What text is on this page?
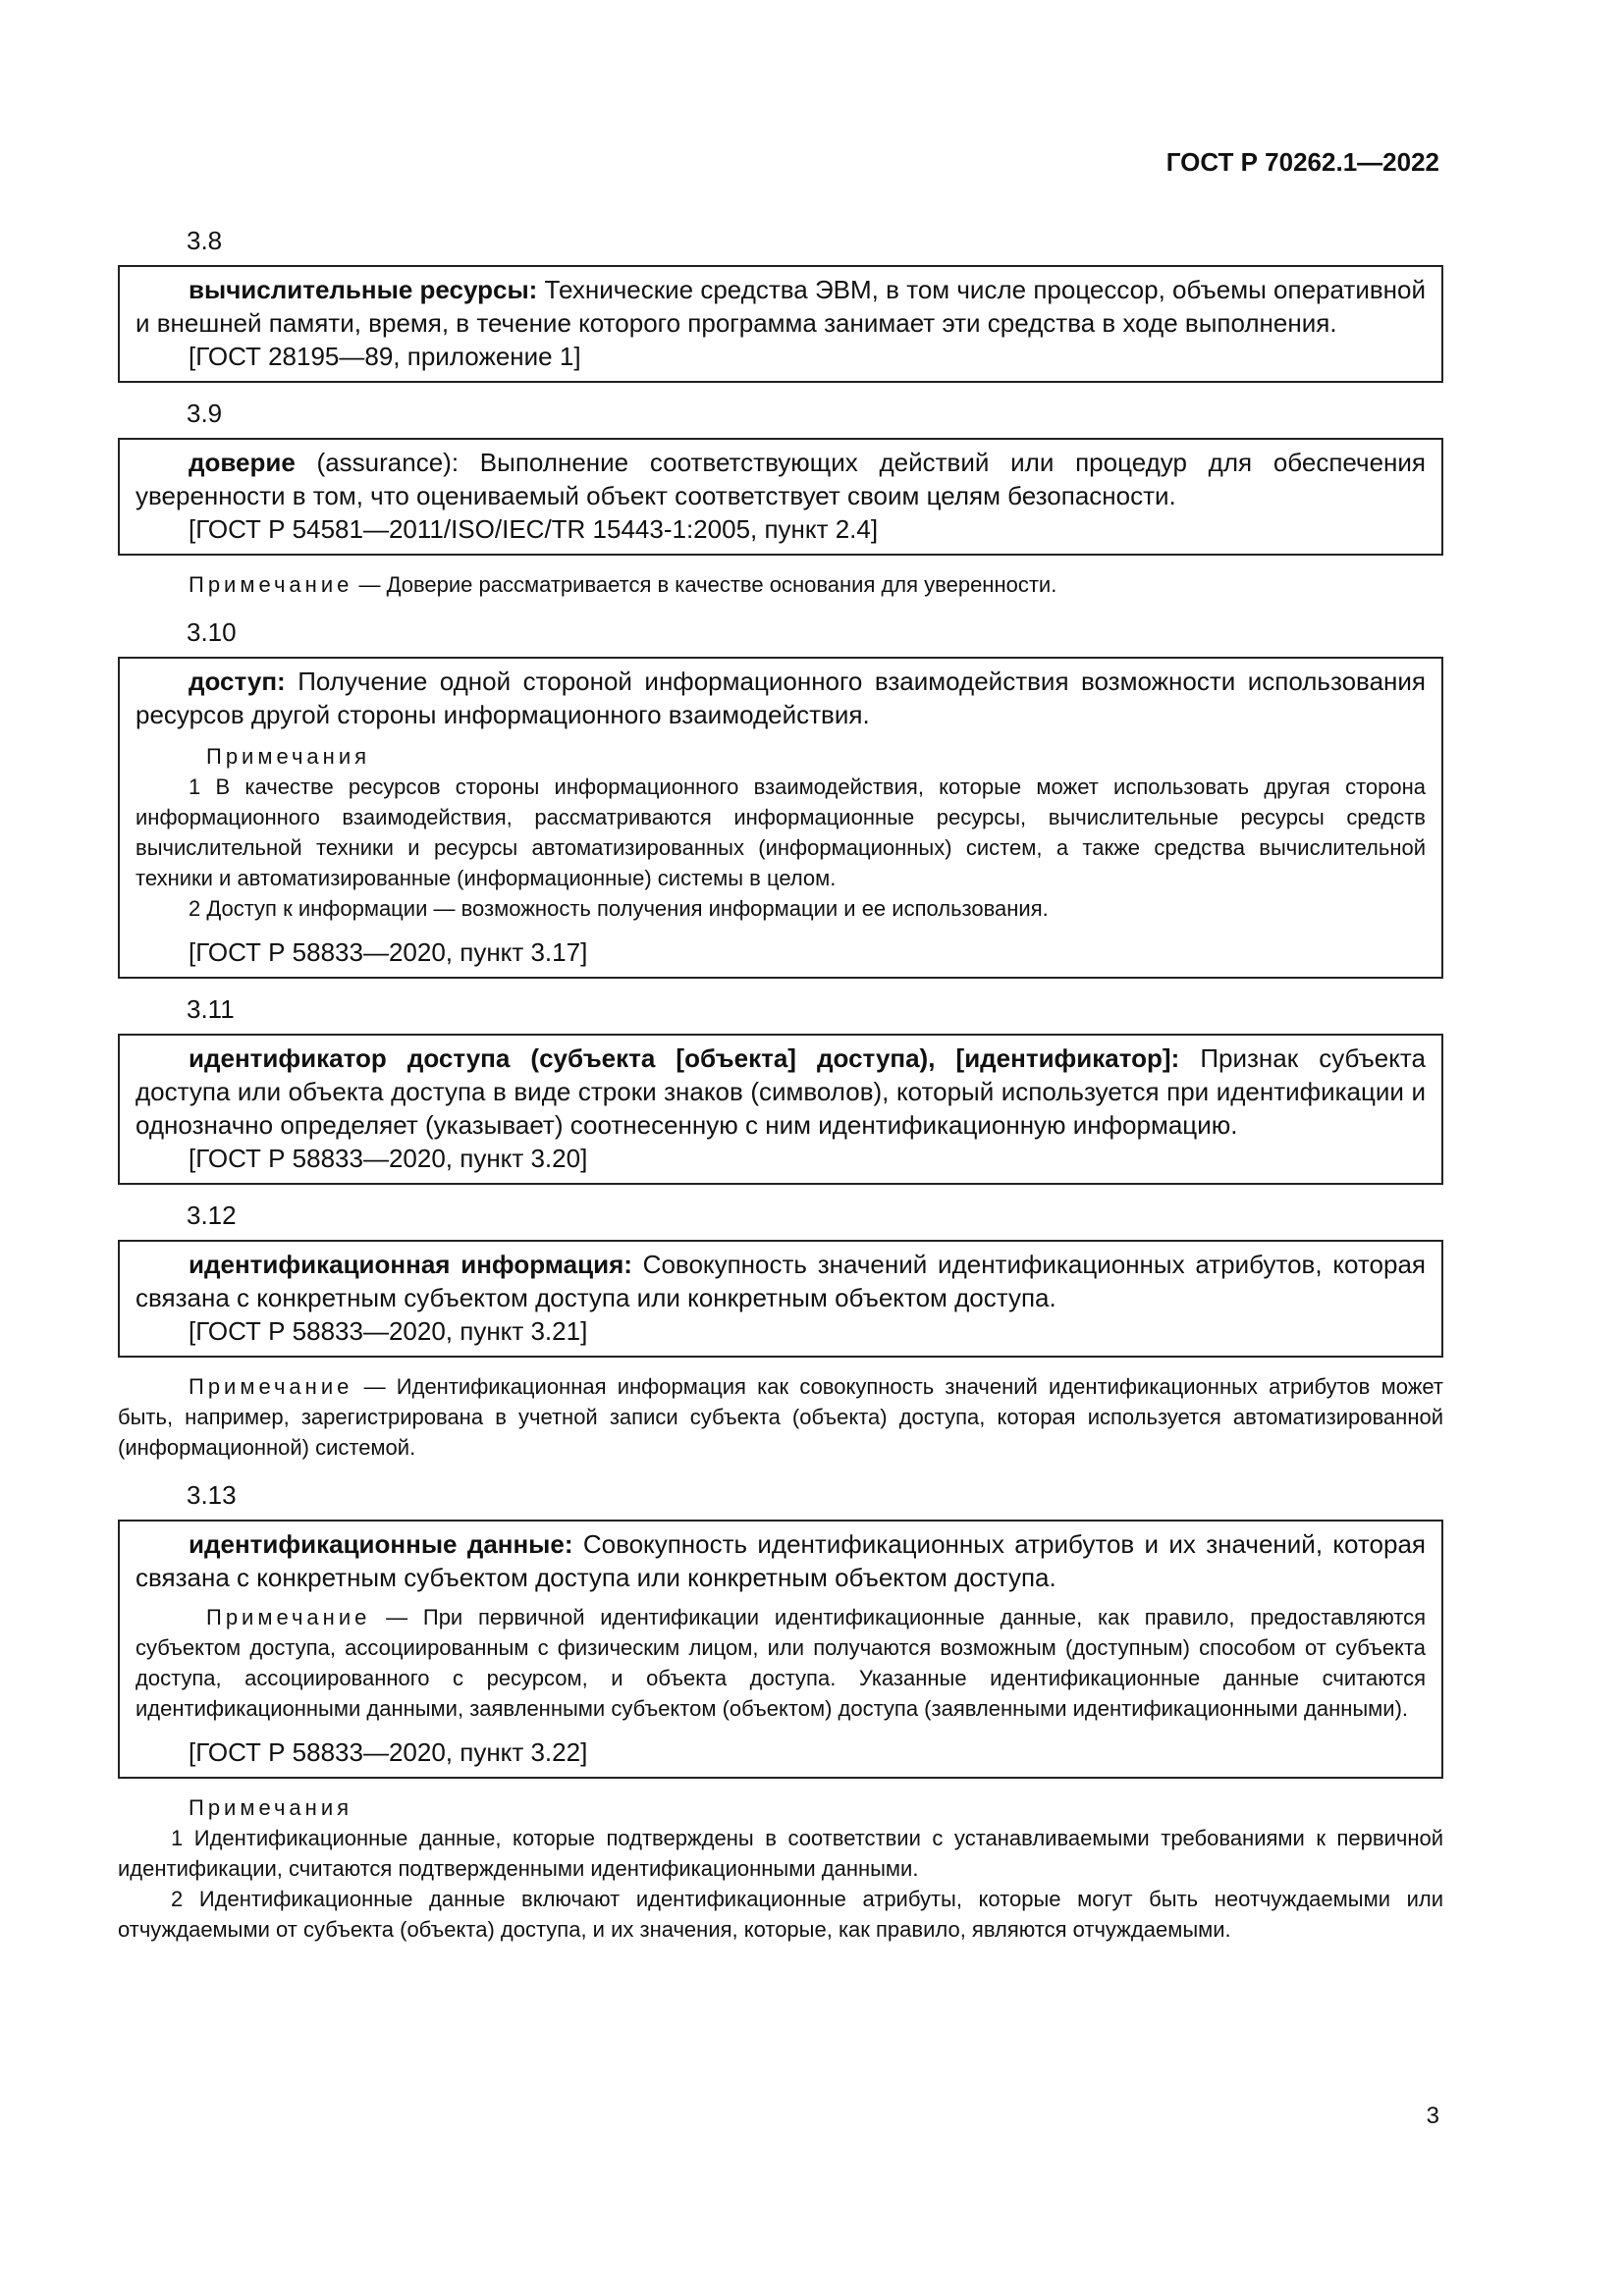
ГОСТ Р 70262.1—2022
3.8

вычислительные ресурсы: Технические средства ЭВМ, в том числе процессор, объемы оперативной и внешней памяти, время, в течение которого программа занимает эти средства в ходе выполнения.

[ГОСТ 28195—89, приложение 1]

3.9

доверие (assurance): Выполнение соответствующих действий или процедур для обеспечения уверенности в том, что оцениваемый объект соответствует своим целям безопасности.

[ГОСТ Р 54581—2011/ISO/IEC/TR 15443-1:2005, пункт 2.4]

Примечание — Доверие рассматривается в качестве основания для уверенности.

3.10

доступ: Получение одной стороной информационного взаимодействия возможности использования ресурсов другой стороны информационного взаимодействия.

Примечания

1 В качестве ресурсов стороны информационного взаимодействия, которые может использовать другая сторона информационного взаимодействия, рассматриваются информационные ресурсы, вычислительные ресурсы средств вычислительной техники и ресурсы автоматизированных (информационных) систем, а также средства вычислительной техники и автоматизированные (информационные) системы в целом.

2 Доступ к информации — возможность получения информации и ее использования.

[ГОСТ Р 58833—2020, пункт 3.17]

3.11

идентификатор доступа (субъекта [объекта] доступа), [идентификатор]: Признак субъекта доступа или объекта доступа в виде строки знаков (символов), который используется при идентификации и однозначно определяет (указывает) соотнесенную с ним идентификационную информацию.

[ГОСТ Р 58833—2020, пункт 3.20]

3.12

идентификационная информация: Совокупность значений идентификационных атрибутов, которая связана с конкретным субъектом доступа или конкретным объектом доступа.

[ГОСТ Р 58833—2020, пункт 3.21]

Примечание — Идентификационная информация как совокупность значений идентификационных атрибутов может быть, например, зарегистрирована в учетной записи субъекта (объекта) доступа, которая используется автоматизированной (информационной) системой.

3.13

идентификационные данные: Совокупность идентификационных атрибутов и их значений, которая связана с конкретным субъектом доступа или конкретным объектом доступа.

Примечание — При первичной идентификации идентификационные данные, как правило, предоставляются субъектом доступа, ассоциированным с физическим лицом, или получаются возможным (доступным) способом от субъекта доступа, ассоциированного с ресурсом, и объекта доступа. Указанные идентификационные данные считаются идентификационными данными, заявленными субъектом (объектом) доступа (заявленными идентификационными данными).

[ГОСТ Р 58833—2020, пункт 3.22]

Примечания

1 Идентификационные данные, которые подтверждены в соответствии с устанавливаемыми требованиями к первичной идентификации, считаются подтвержденными идентификационными данными.

2 Идентификационные данные включают идентификационные атрибуты, которые могут быть неотчуждаемыми или отчуждаемыми от субъекта (объекта) доступа, и их значения, которые, как правило, являются отчуждаемыми.

3
